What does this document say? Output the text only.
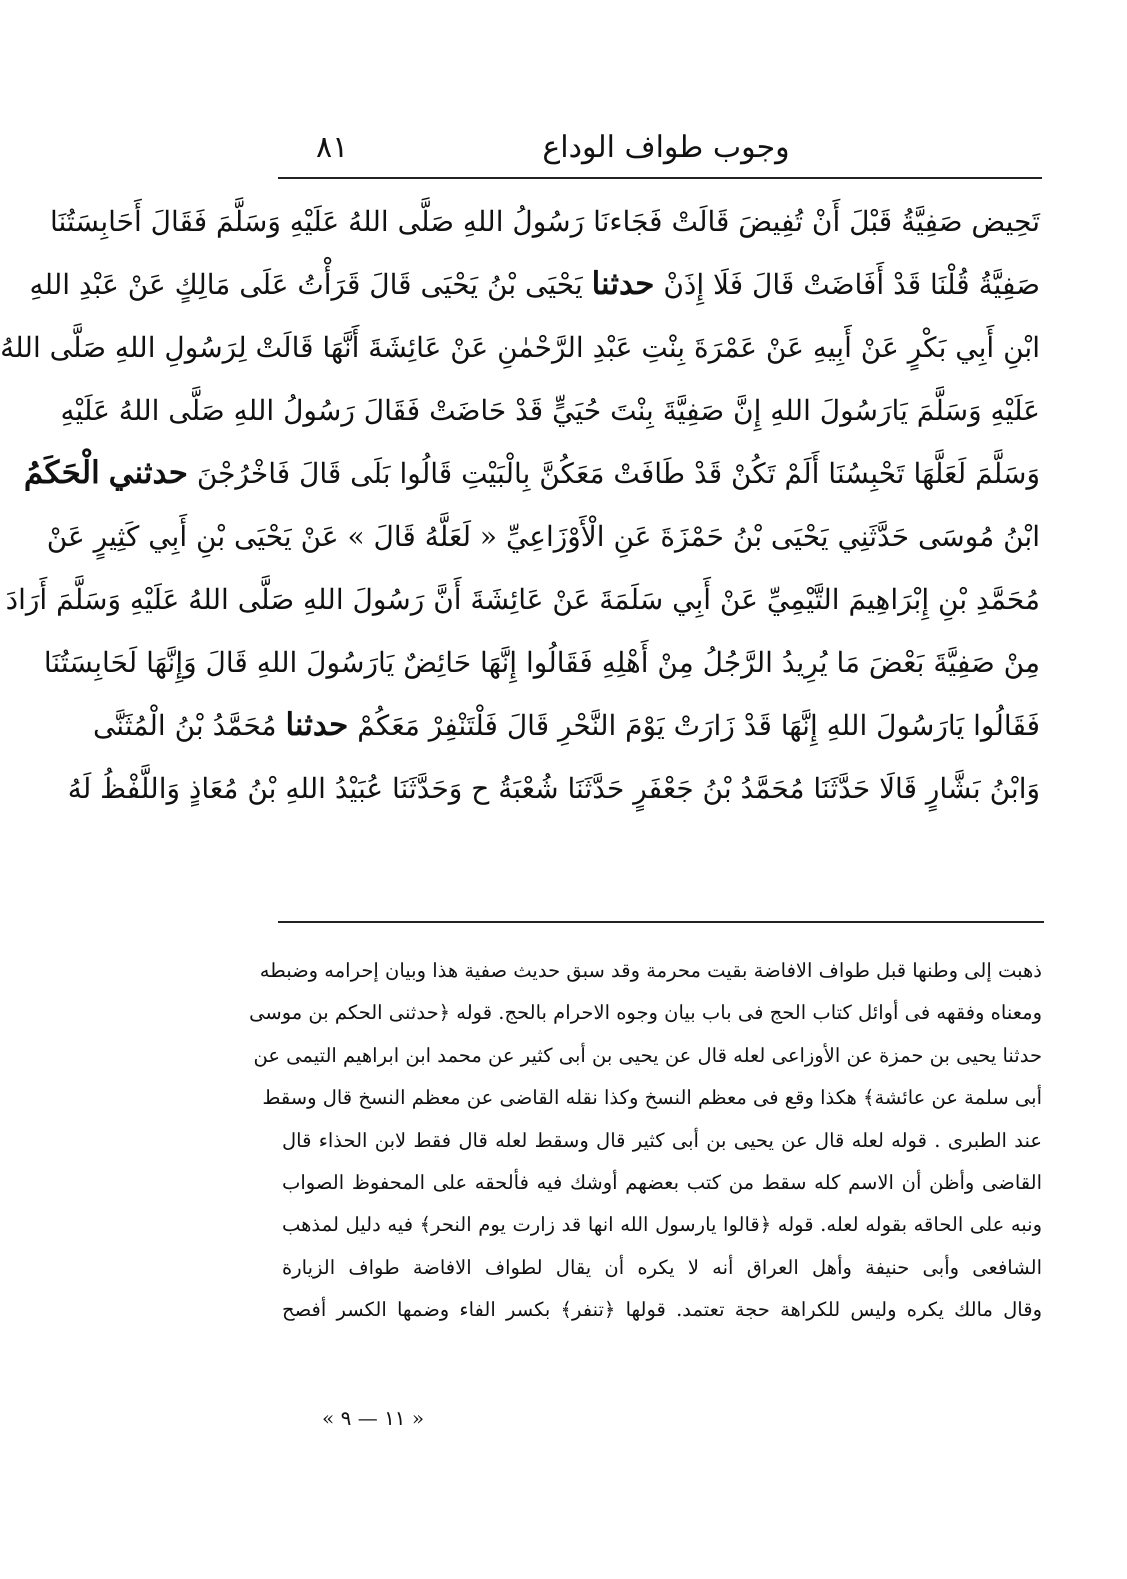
وجوب طواف الوداع
٨١
تَحِيض صَفِيَّةُ قَبْلَ أَنْ تُفِيضَ قَالَتْ فَجَاءنَا رَسُولُ اللهِ صَلَّى اللهُ عَلَيْهِ وَسَلَّمَ فَقَالَ أَحَابِسَتُنَا
صَفِيَّةُ قُلْنَا قَدْ أَفَاضَتْ قَالَ فَلَا إِذَنْ حدثنا يَحْيَى بْنُ يَحْيَى قَالَ قَرَأْتُ عَلَى مَالِكٍ عَنْ عَبْدِ اللهِ
ابْنِ أَبِي بَكْرٍ عَنْ أَبِيهِ عَنْ عَمْرَةَ بِنْتِ عَبْدِ الرَّحْمٰنِ عَنْ عَائِشَةَ أَنَّهَا قَالَتْ لِرَسُولِ اللهِ صَلَّى اللهُ
عَلَيْهِ وَسَلَّمَ يَارَسُولَ اللهِ إِنَّ صَفِيَّةَ بِنْتَ حُيَيٍّ قَدْ حَاضَتْ فَقَالَ رَسُولُ اللهِ صَلَّى اللهُ عَلَيْهِ
وَسَلَّمَ لَعَلَّهَا تَحْبِسُنَا أَلَمْ تَكُنْ قَدْ طَافَتْ مَعَكُنَّ بِالْبَيْتِ قَالُوا بَلَى قَالَ فَاخْرُجْنَ حدثني الْحَكَمُ
ابْنُ مُوسَى حَدَّثَنِي يَحْيَى بْنُ حَمْزَةَ عَنِ الْأَوْزَاعِيِّ « لَعَلَّهُ قَالَ » عَنْ يَحْيَى بْنِ أَبِي كَثِيرٍ عَنْ
مُحَمَّدِ بْنِ إِبْرَاهِيمَ التَّيْمِيِّ عَنْ أَبِي سَلَمَةَ عَنْ عَائِشَةَ أَنَّ رَسُولَ اللهِ صَلَّى اللهُ عَلَيْهِ وَسَلَّمَ أَرَادَ
مِنْ صَفِيَّةَ بَعْضَ مَا يُرِيدُ الرَّجُلُ مِنْ أَهْلِهِ فَقَالُوا إِنَّهَا حَائِضٌ يَارَسُولَ اللهِ قَالَ وَإِنَّهَا لَحَابِسَتُنَا
فَقَالُوا يَارَسُولَ اللهِ إِنَّهَا قَدْ زَارَتْ يَوْمَ النَّحْرِ قَالَ فَلْتَنْفِرْ مَعَكُمْ حدثنا مُحَمَّدُ بْنُ الْمُثَنَّى
وَابْنُ بَشَّارٍ قَالَا حَدَّثَنَا مُحَمَّدُ بْنُ جَعْفَرٍ حَدَّثَنَا شُعْبَةُ ح وَحَدَّثَنَا عُبَيْدُ اللهِ بْنُ مُعَاذٍ وَاللَّفْظُ لَهُ
ذهبت إلى وطنها قبل طواف الافاضة بقيت محرمة وقد سبق حديث صفية هذا وبيان إحرامه وضبطه
ومعناه وفقهه فى أوائل كتاب الحج فى باب بيان وجوه الاحرام بالحج. قوله ﴿حدثنى الحكم بن موسى
حدثنا يحيى بن حمزة عن الأوزاعى لعله قال عن يحيى بن أبى كثير عن محمد ابن ابراهيم التيمى عن
أبى سلمة عن عائشة﴾ هكذا وقع فى معظم النسخ وكذا نقله القاضى عن معظم النسخ قال وسقط
عند الطبرى . قوله لعله قال عن يحيى بن أبى كثير قال وسقط لعله قال فقط لابن الحذاء قال
القاضى وأظن أن الاسم كله سقط من كتب بعضهم أوشك فيه فألحقه على المحفوظ الصواب
ونبه على الحاقه بقوله لعله. قوله ﴿قالوا يارسول الله انها قد زارت يوم النحر﴾ فيه دليل لمذهب
الشافعى وأبى حنيفة وأهل العراق أنه لا يكره أن يقال لطواف الافاضة طواف الزيارة
وقال مالك يكره وليس للكراهة حجة تعتمد. قولها ﴿تنفر﴾ بكسر الفاء وضمها الكسر أفصح
« ١١ — ٩ »
